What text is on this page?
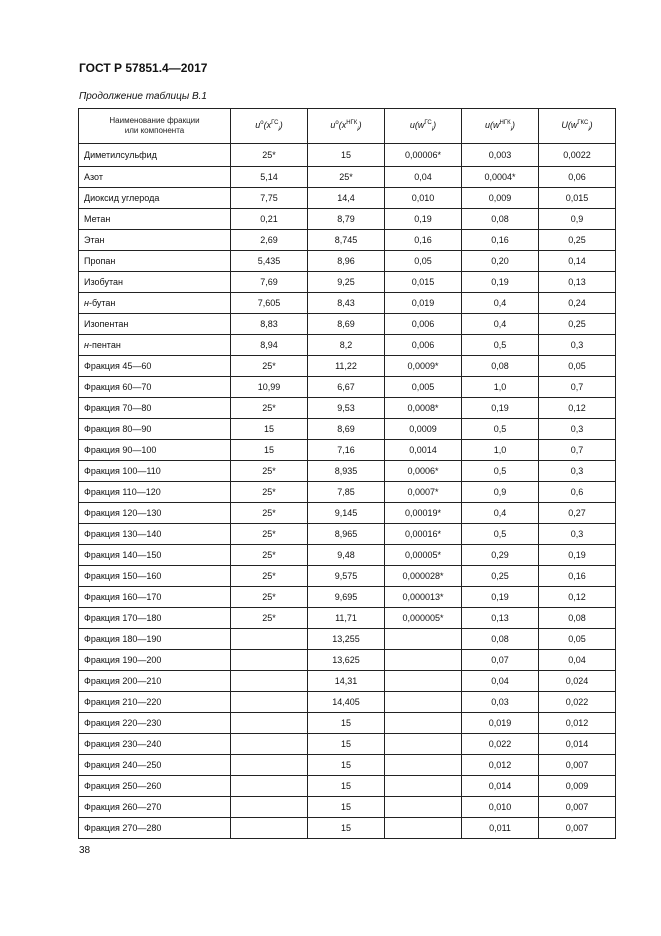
ГОСТ Р 57851.4—2017
Продолжение таблицы В.1
Наименование фракции
или компонента	$u^o(x^{ГС}_i)$	$u^o(x^{НГК}_i)$	$u(w^{ГС}_i)$	$u(w^{НГК}_i)$	$U(w^{ГКС}_i)$
Диметилсульфид	25*	15	0,00006*	0,003	0,0022
Азот	5,14	25*	0,04	0,0004*	0,06
Диоксид углерода	7,75	14,4	0,010	0,009	0,015
Метан	0,21	8,79	0,19	0,08	0,9
Этан	2,69	8,745	0,16	0,16	0,25
Пропан	5,435	8,96	0,05	0,20	0,14
Изобутан	7,69	9,25	0,015	0,19	0,13
н-бутан	7,605	8,43	0,019	0,4	0,24
Изопентан	8,83	8,69	0,006	0,4	0,25
н-пентан	8,94	8,2	0,006	0,5	0,3
Фракция 45—60	25*	11,22	0,0009*	0,08	0,05
Фракция 60—70	10,99	6,67	0,005	1,0	0,7
Фракция 70—80	25*	9,53	0,0008*	0,19	0,12
Фракция 80—90	15	8,69	0,0009	0,5	0,3
Фракция 90—100	15	7,16	0,0014	1,0	0,7
Фракция 100—110	25*	8,935	0,0006*	0,5	0,3
Фракция 110—120	25*	7,85	0,0007*	0,9	0,6
Фракция 120—130	25*	9,145	0,00019*	0,4	0,27
Фракция 130—140	25*	8,965	0,00016*	0,5	0,3
Фракция 140—150	25*	9,48	0,00005*	0,29	0,19
Фракция 150—160	25*	9,575	0,000028*	0,25	0,16
Фракция 160—170	25*	9,695	0,000013*	0,19	0,12
Фракция 170—180	25*	11,71	0,000005*	0,13	0,08
Фракция 180—190		13,255		0,08	0,05
Фракция 190—200		13,625		0,07	0,04
Фракция 200—210		14,31		0,04	0,024
Фракция 210—220		14,405		0,03	0,022
Фракция 220—230		15		0,019	0,012
Фракция 230—240		15		0,022	0,014
Фракция 240—250		15		0,012	0,007
Фракция 250—260		15		0,014	0,009
Фракция 260—270		15		0,010	0,007
Фракция 270—280		15		0,011	0,007
38
